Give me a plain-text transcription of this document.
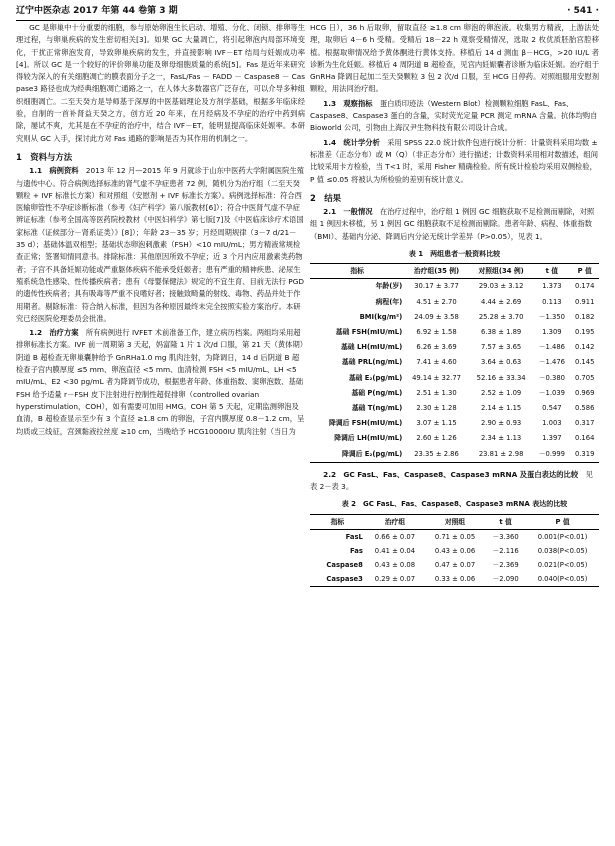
辽宁中医杂志 2017 年第 44 卷第 3 期	· 541 ·

GC 是卵巢中十分重要的细胞，参与原始卵泡生长启动、增殖、分化、闭锁、排卵等生理过程，与卵巢疾病的发生密切相关[3]。如果 GC 大量凋亡，将引起卵泡内局部环境变化，干扰正常卵泡发育，导致卵巢疾病的发生，并直接影响 IVF－ET 结局与妊娠成功率[4]。所以 GC 是一个较好的评价卵巢功能及卵母细胞质量的系统[5]。Fas 是近年来研究得较为深入的有关细胞凋亡的膜表面分子之一，FasL/Fas － FADD － Caspase8 － Caspase3 路径也成为经典细胞凋亡通路之一，在人体大多数器官广泛存在，可以介导多种组织细胞凋亡。二至天癸方是导师基于深厚的中医基础理论及方剂学基础，根据多年临床经验，自制的一首补肾益天癸之方，创方近 20 年来，在月经病及不孕症的治疗中药到病除，屡试不爽，尤其是在不孕症的治疗中，结合 IVF－ET，能明显提高临床妊娠率。本研究则从 GC 入手，探讨此方对 Fas 通路的影响是否为其作用的机制之一。

1　资料与方法

1.1　病例资料　 2013 年 12 月—2015 年 9 月就诊于山东中医药大学附属医院生殖与遗传中心。符合病例选择标准的肾气虚不孕症患者 72 例，随机分为治疗组（二至天癸颗粒 + IVF 标准长方案）和对照组（安慰剂 + IVF 标准长方案）。病例选择标准：符合西医输卵管性不孕症诊断标准（参考《妇产科学》第八版教材[6]）；符合中医肾气虚不孕症辨证标准（参考全国高等医药院校教材《中医妇科学》第七版[7]及《中医临床诊疗术语国家标准（证候部分－肾系证类）》[8]）；年龄 23－35 岁；月经周期规律（3－7 d/21－35 d）；基础体温双相型；基础状态卵泡刺激素（FSH）<10 mIU/mL；男方精液常规检查正常；签署知情同意书。排除标准：其他原因所致不孕症；近 3 个月内应用激素类药物者；子宫不具备妊娠功能或严重躯体疾病不能承受妊娠者；患有严重的精神疾患、泌尿生殖系统急性感染、性传播疾病者；患有《母婴保健法》规定的不宜生育、目前无法行 PGD 的遗传性疾病者；具有吸毒等严重不良嗜好者；接触致畸量的射线、毒物、药品并处于作用期者。剔除标准：符合纳入标准，但因为各种原因最终未完全按照实验方案治疗。本研究已经医院伦理委员会批准。

1.2　治疗方案　 所有病例进行 IVFET 术前准备工作，建立病历档案。两组均采用超排卵标准长方案。IVF 前一周期第 3 天起，妈富隆 1 片 1 次/d 口服，第 21 天（黄体期）阴道 B 超检查无卵巢囊肿给予 GnRHa1.0 mg 肌肉注射，为降调日，14 d 后阴道 B 超检查子宫内膜厚度 ≤5 mm、卵泡直径 <5 mm、血清检测 FSH <5 mIU/mL、LH <5 mIU/mL、E2 <30 pg/mL 者为降调节成功，根据患者年龄、体重指数、窦卵泡数、基础 FSH 给予适量 r－FSH 皮下注射进行控制性超促排卵（controlled ovarian hyperstimulation，COH），如有需要可加用 HMG。COH 第 5 天起，定期监测卵泡及血清，B 超检查显示至少有 3 个直径 ≥1.8 cm 的卵泡，子宫内膜厚度 0.8－1.2 cm，呈均质或三线征，宫颈黏液拉丝度 ≥10 cm，当晚给予 HCG10000IU 肌肉注射（当日为

HCG 日），36 h 后取卵，留取直径 ≥1.8 cm 卵泡的卵泡液。收集男方精液，上游法处理，取卵后 4－6 h 受精。受精后 18－22 h 观察受精情况，选取 2 枚优质胚胎宫腔移植。根据取卵情况给予黄体酮进行黄体支持。移植后 14 d 测血 β－HCG，>20 IU/L 者诊断为生化妊娠。移植后 4 周阴道 B 超检查，见宫内妊娠囊者诊断为临床妊娠。治疗组于 GnRHa 降调日起加二至天癸颗粒 3 包 2 次/d 口服，至 HCG 日停药。对照组服用安慰剂颗粒，用法同治疗组。

1.3　观察指标　 蛋白质印迹法（Western Blot）检测颗粒细胞 FasL、Fas、Caspase8、Caspase3 蛋白的含量，实时荧光定量 PCR 测定 mRNA 含量。抗体均购自 Bioworld 公司，引物由上海汉尹生物科技有限公司设计合成。

1.4　统计学分析　 采用 SPSS 22.0 统计软件包进行统计分析：计量资料采用均数 ± 标准差（正态分布）或 M（Q）（非正态分布）进行描述；计数资料采用相对数描述，组间比较采用卡方检验，当 T<1 时，采用 Fisher 精确检验。所有统计检验均采用双侧检验，P 值 ≤0.05 将被认为所检验的差别有统计意义。

2　结果

2.1　一般情况　 在治疗过程中，治疗组 1 例因 GC 细胞获取不足检测而剔除，对照组 1 例因未移植，另 1 例因 GC 细胞获取不足检测而剔除。患者年龄、病程、体重指数（BMI）、基础内分泌、降调后内分泌无统计学差异（P>0.05），见表 1。

表 1　 两组患者一般资料比较
指标	治疗组(35 例)	对照组(34 例)	t 值	P 值
年龄(岁)	30.17 ± 3.77	29.03 ± 3.12	1.373	0.174
病程(年)	4.51 ± 2.70	4.44 ± 2.69	0.113	0.911
BMI(kg/m²)	24.09 ± 3.58	25.28 ± 3.70	－1.350	0.182
基础 FSH(mIU/mL)	6.92 ± 1.58	6.38 ± 1.89	1.309	0.195
基础 LH(mIU/mL)	6.26 ± 3.69	7.57 ± 3.65	－1.486	0.142
基础 PRL(ng/mL)	7.41 ± 4.60	3.64 ± 0.63	－1.476	0.145
基础 E₂(pg/mL)	49.14 ± 32.77	52.16 ± 33.34	－0.380	0.705
基础 P(ng/mL)	2.51 ± 1.30	2.52 ± 1.09	－1.039	0.969
基础 T(ng/mL)	2.30 ± 1.28	2.14 ± 1.15	0.547	0.586
降调后 FSH(mIU/mL)	3.07 ± 1.15	2.90 ± 0.93	1.003	0.317
降调后 LH(mIU/mL)	2.60 ± 1.26	2.34 ± 1.13	1.397	0.164
降调后 E₂(pg/mL)	23.35 ± 2.86	23.81 ± 2.98	－0.999	0.319

2.2　GC FasL、Fas、Caspase8、Caspase3 mRNA 及蛋白表达的比较　 见表 2－表 3。

表 2　 GC FasL、Fas、Caspase8、Caspase3 mRNA 表达的比较
指标	治疗组	对照组	t 值	P 值
FasL	0.66 ± 0.07	0.71 ± 0.05	－3.360	0.001(P<0.01)
Fas	0.41 ± 0.04	0.43 ± 0.06	－2.116	0.038(P<0.05)
Caspase8	0.43 ± 0.08	0.47 ± 0.07	－2.369	0.021(P<0.05)
Caspase3	0.29 ± 0.07	0.33 ± 0.06	－2.090	0.040(P<0.05)
